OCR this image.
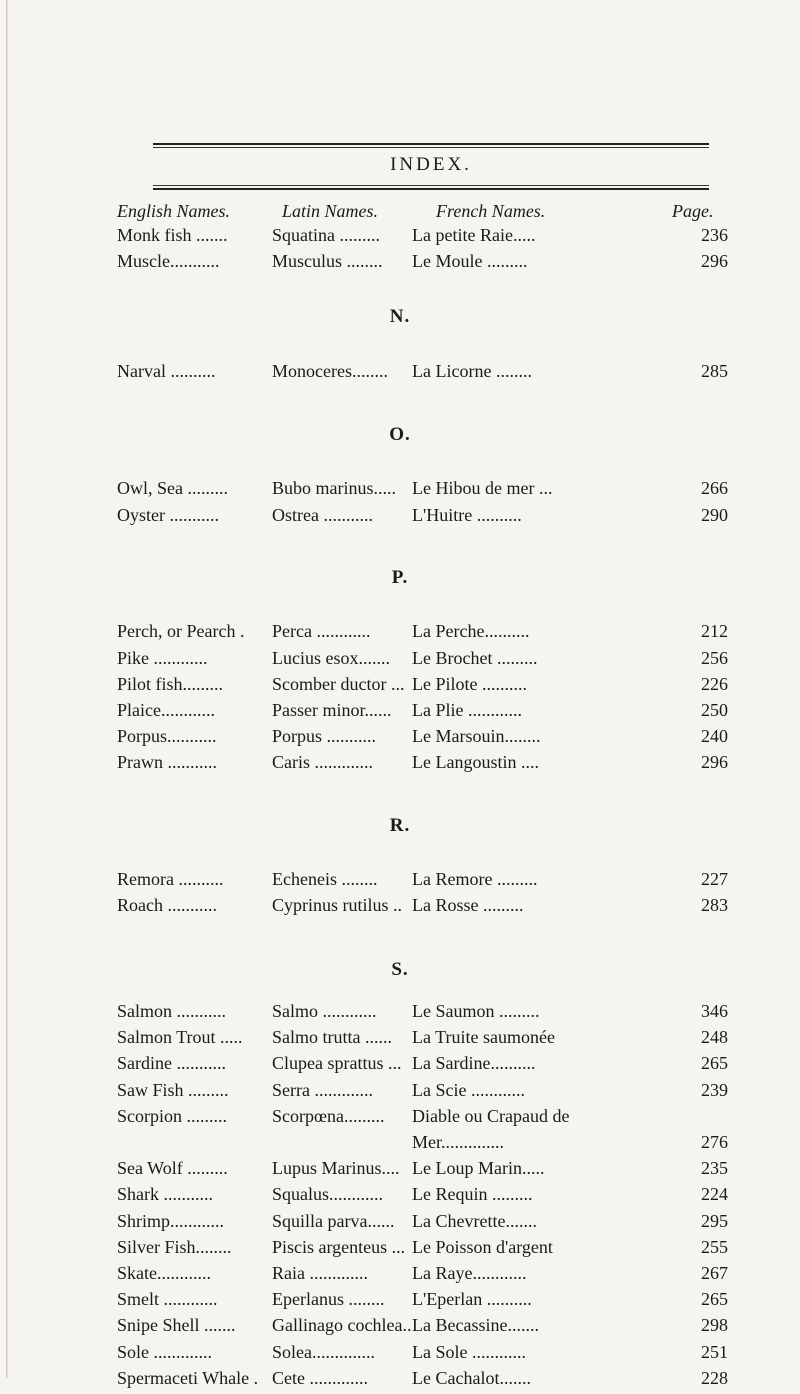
INDEX.
English Names.	Latin Names.	French Names.	Page.
Monk fish ....... Squatina ......... La petite Raie.....	236
Muscle...........	Musculus ........ Le Moule .........	296
N.
Narval ..........	Monoceres........ La Licorne ........	285
O.
Owl, Sea ......... Bubo marinus..... Le Hibou de mer ...	266
Oyster ...........	Ostrea ........... L'Huitre ..........	290
P.
Perch, or Pearch . Perca ............ La Perche..........	212
Pike ............	Lucius esox....... Le Brochet .........	256
Pilot fish.........	Scomber ductor ... Le Pilote ..........	226
Plaice............	Passer minor...... La Plie ............	250
Porpus...........	Porpus ........... Le Marsouin........	240
Prawn ...........	Caris ............. Le Langoustin ....	296
R.
Remora ..........	Echeneis ........ La Remore .........	227
Roach ...........	Cyprinus rutilus .. La Rosse .........	283
S.
Salmon ...........	Salmo ............ Le Saumon .........	346
Salmon Trout ..... Salmo trutta ...... La Truite saumonée	248
Sardine ...........	Clupea sprattus ... La Sardine..........	265
Saw Fish ......... Serra ............. La Scie ............	239
Scorpion .........	Scorpœna......... Diable ou Crapaud de
Mer..............	276
Sea Wolf ......... Lupus Marinus.... Le Loup Marin.....	235
Shark ...........	Squalus............ Le Requin .........	224
Shrimp............	Squilla parva...... La Chevrette.......	295
Silver Fish........ Piscis argenteus ... Le Poisson d'argent	255
Skate............	Raia ............. La Raye............	267
Smelt ............	Eperlanus ........ L'Eperlan ..........	265
Snipe Shell ....... Gallinago cochlea.. La Becassine.......	298
Sole .............	Solea.............. La Sole ............	251
Spermaceti Whale . Cete ............. Le Cachalot.......	228
